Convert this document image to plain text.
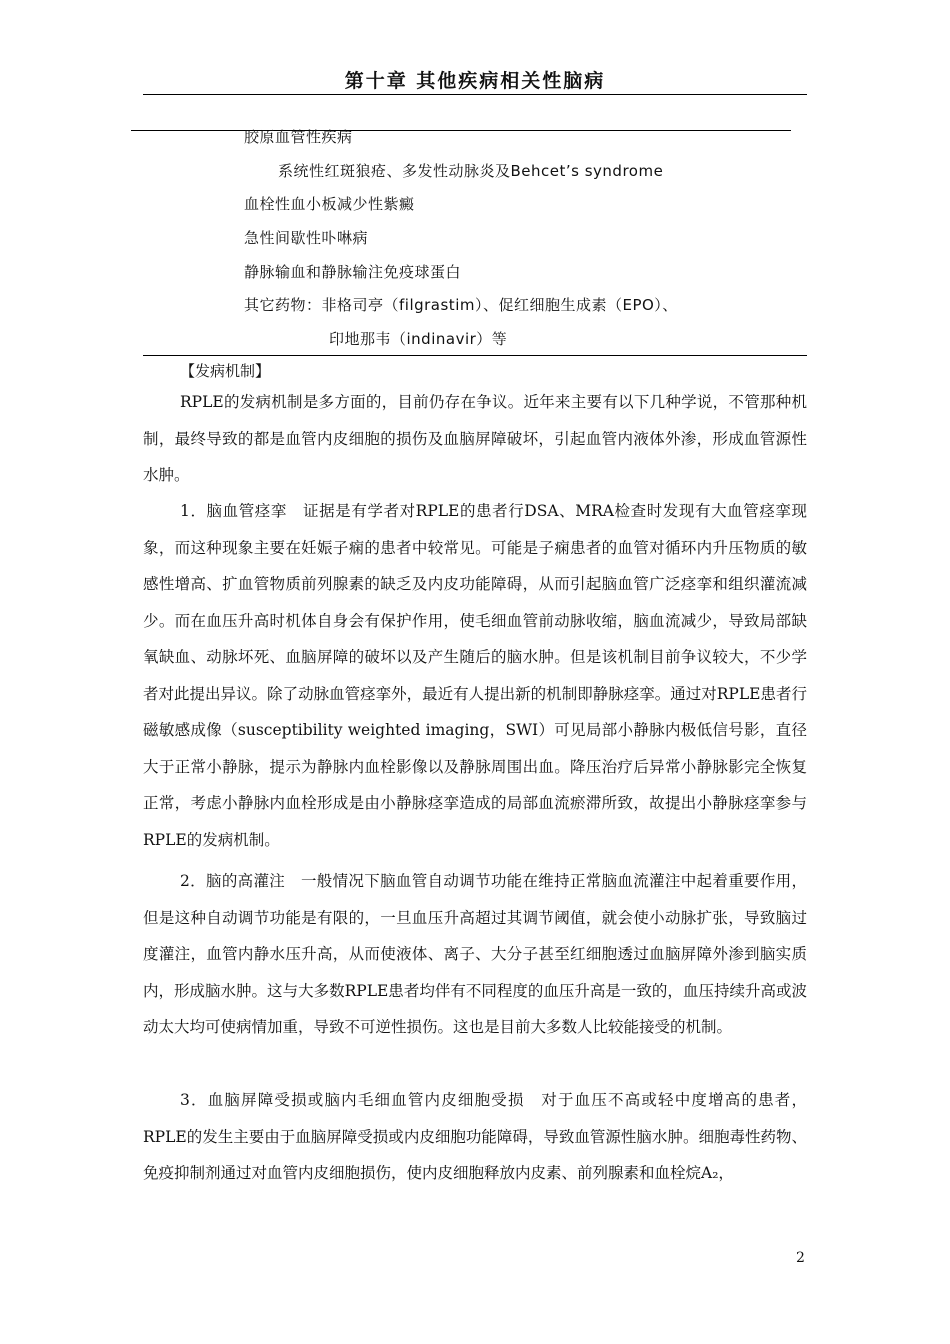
第十章 其他疾病相关性脑病
胶原血管性疾病
系统性红斑狼疮、多发性动脉炎及Behcet’s syndrome
血栓性血小板减少性紫癜
急性间歇性卟啉病
静脉输血和静脉输注免疫球蛋白
其它药物：非格司亭（filgrastim）、促红细胞生成素（EPO）、
印地那韦（indinavir）等
【发病机制】

RPLE的发病机制是多方面的，目前仍存在争议。近年来主要有以下几种学说，不管那种机制，最终导致的都是血管内皮细胞的损伤及血脑屏障破坏，引起血管内液体外渗，形成血管源性水肿。

1．脑血管痉挛　证据是有学者对RPLE的患者行DSA、MRA检查时发现有大血管痉挛现象，而这种现象主要在妊娠子痫的患者中较常见。可能是子痫患者的血管对循环内升压物质的敏感性增高、扩血管物质前列腺素的缺乏及内皮功能障碍，从而引起脑血管广泛痉挛和组织灌流减少。而在血压升高时机体自身会有保护作用，使毛细血管前动脉收缩，脑血流减少，导致局部缺氧缺血、动脉坏死、血脑屏障的破坏以及产生随后的脑水肿。但是该机制目前争议较大，不少学者对此提出异议。除了动脉血管痉挛外，最近有人提出新的机制即静脉痉挛。通过对RPLE患者行磁敏感成像（susceptibility weighted imaging，SWI）可见局部小静脉内极低信号影，直径大于正常小静脉，提示为静脉内血栓影像以及静脉周围出血。降压治疗后异常小静脉影完全恢复正常，考虑小静脉内血栓形成是由小静脉痉挛造成的局部血流瘀滞所致，故提出小静脉痉挛参与RPLE的发病机制。

2．脑的高灌注　一般情况下脑血管自动调节功能在维持正常脑血流灌注中起着重要作用，但是这种自动调节功能是有限的，一旦血压升高超过其调节阈值，就会使小动脉扩张，导致脑过度灌注，血管内静水压升高，从而使液体、离子、大分子甚至红细胞透过血脑屏障外渗到脑实质内，形成脑水肿。这与大多数RPLE患者均伴有不同程度的血压升高是一致的，血压持续升高或波动太大均可使病情加重，导致不可逆性损伤。这也是目前大多数人比较能接受的机制。

3．血脑屏障受损或脑内毛细血管内皮细胞受损　对于血压不高或轻中度增高的患者，RPLE的发生主要由于血脑屏障受损或内皮细胞功能障碍，导致血管源性脑水肿。细胞毒性药物、免疫抑制剂通过对血管内皮细胞损伤，使内皮细胞释放内皮素、前列腺素和血栓烷A₂，

2
